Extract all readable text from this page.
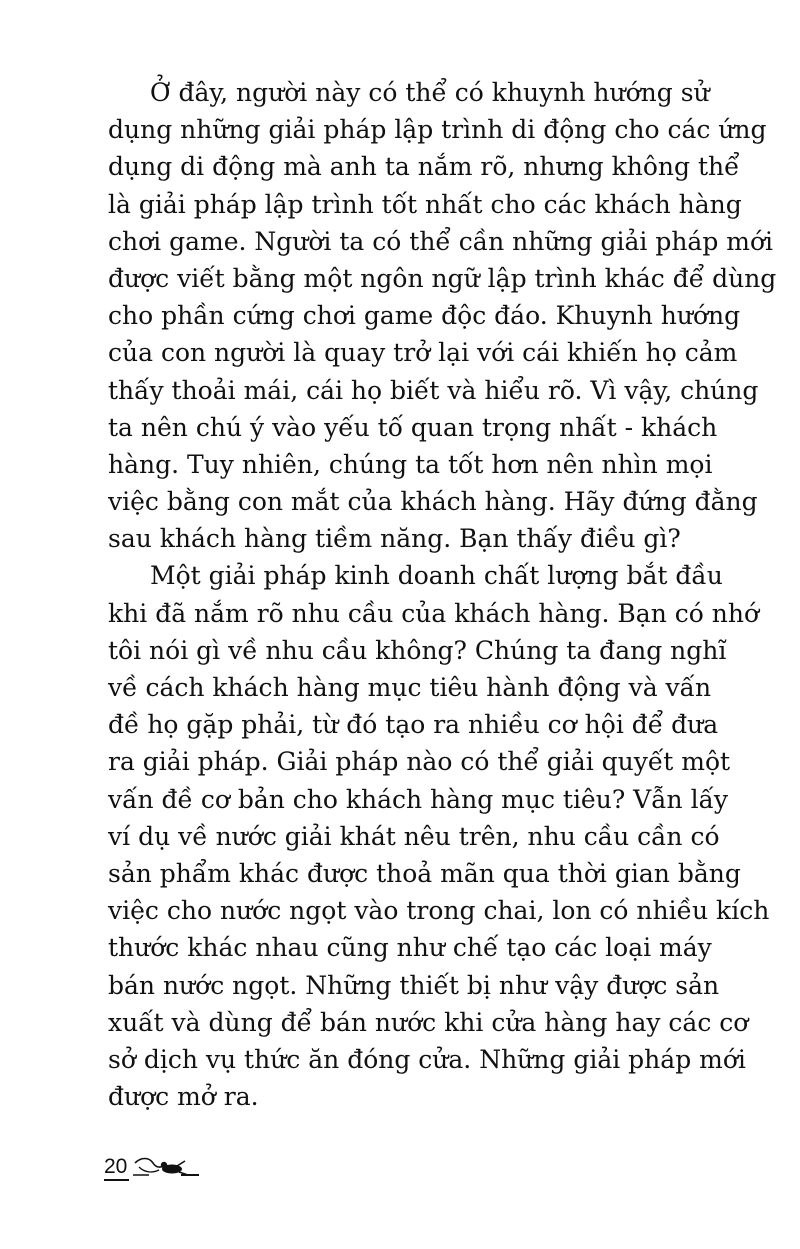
Ở đây, người này có thể có khuynh hướng sử
dụng những giải pháp lập trình di động cho các ứng
dụng di động mà anh ta nắm rõ, nhưng không thể
là giải pháp lập trình tốt nhất cho các khách hàng
chơi game. Người ta có thể cần những giải pháp mới
được viết bằng một ngôn ngữ lập trình khác để dùng
cho phần cứng chơi game độc đáo. Khuynh hướng
của con người là quay trở lại với cái khiến họ cảm
thấy thoải mái, cái họ biết và hiểu rõ. Vì vậy, chúng
ta nên chú ý vào yếu tố quan trọng nhất - khách
hàng. Tuy nhiên, chúng ta tốt hơn nên nhìn mọi
việc bằng con mắt của khách hàng. Hãy đứng đằng
sau khách hàng tiềm năng. Bạn thấy điều gì?
Một giải pháp kinh doanh chất lượng bắt đầu
khi đã nắm rõ nhu cầu của khách hàng. Bạn có nhớ
tôi nói gì về nhu cầu không? Chúng ta đang nghĩ
về cách khách hàng mục tiêu hành động và vấn
đề họ gặp phải, từ đó tạo ra nhiều cơ hội để đưa
ra giải pháp. Giải pháp nào có thể giải quyết một
vấn đề cơ bản cho khách hàng mục tiêu? Vẫn lấy
ví dụ về nước giải khát nêu trên, nhu cầu cần có
sản phẩm khác được thoả mãn qua thời gian bằng
việc cho nước ngọt vào trong chai, lon có nhiều kích
thước khác nhau cũng như chế tạo các loại máy
bán nước ngọt. Những thiết bị như vậy được sản
xuất và dùng để bán nước khi cửa hàng hay các cơ
sở dịch vụ thức ăn đóng cửa. Những giải pháp mới
được mở ra.
20
